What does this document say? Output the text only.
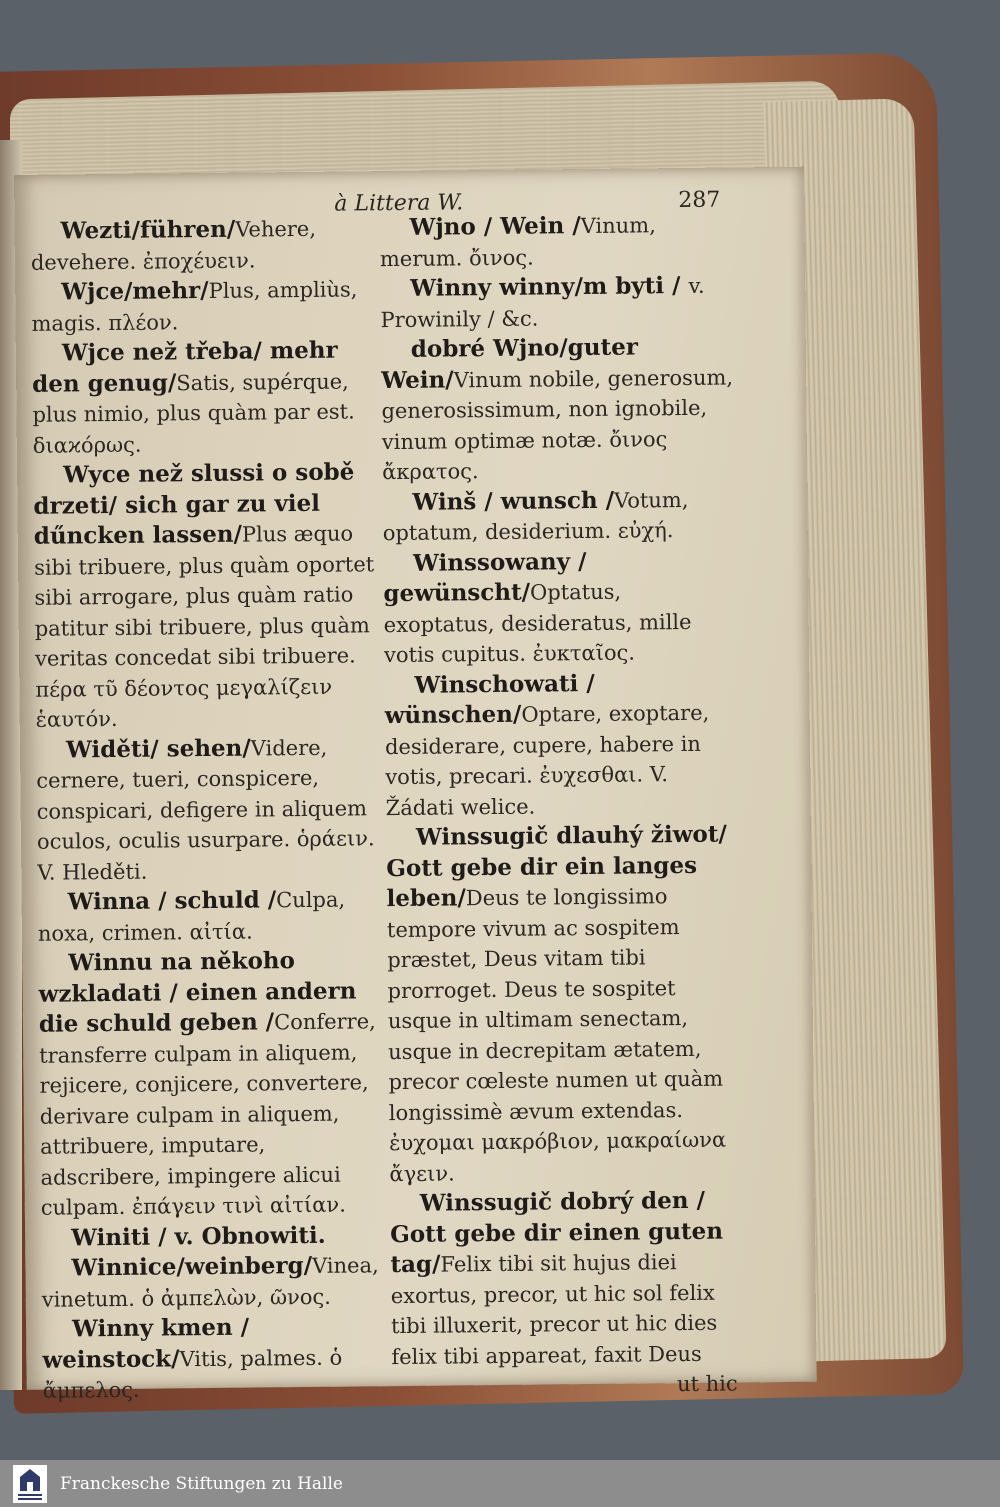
à Littera W.	287

Wezti/führen/Vehere, devehere. ἐποχέυειν.

Wjce/mehr/Plus, ampliùs, magis. πλέον.

Wjce než třeba/ mehr den genug/Satis, supérque, plus nimio, plus quàm par est. διαϰόρως.

Wyce než slussi o sobě drzeti/ sich gar zu viel dűncken lassen/Plus æquo sibi tribuere, plus quàm oportet sibi arrogare, plus quàm ratio patitur sibi tribuere, plus quàm veritas concedat sibi tribuere. πέρα τῦ δέοντος μεγαλίζειν ἑαυτόν.

Widěti/ sehen/Videre, cernere, tueri, conspicere, conspicari, defigere in aliquem oculos, oculis usurpare. ὁράειν. V. Hleděti.

Winna / schuld /Culpa, noxa, crimen. αἰτία.

Winnu na někoho wzkladati / einen andern die schuld geben /Conferre, transferre culpam in aliquem, rejicere, conjicere, convertere, derivare culpam in aliquem, attribuere, imputare, adscribere, impingere alicui culpam. ἐπάγειν τινὶ αἰτίαν.

Winiti / v. Obnowiti.

Winnice/weinberg/Vinea, vinetum. ὁ ἀμπελὼν, ῶνος.

Winny kmen / weinstock/Vitis, palmes. ὁ ἄμπελος.

Wjno / Wein /Vinum, merum. ὄινος.

Winny winny/m byti / v. Prowinily / &c.

dobré Wjno/guter Wein/Vinum nobile, generosum, generosissimum, non ignobile, vinum optimæ notæ. ὄινος ἄκρατος.

Winš / wunsch /Votum, optatum, desiderium. εὐχή.

Winssowany / gewünscht/Optatus, exoptatus, desideratus, mille votis cupitus. ἐυκταῖος.

Winschowati / wünschen/Optare, exoptare, desiderare, cupere, habere in votis, precari. ἐυχεσθαι. V. Žádati welice.

Winssugič dlauhý žiwot/ Gott gebe dir ein langes leben/Deus te longissimo tempore vivum ac sospitem præstet, Deus vitam tibi prorroget. Deus te sospitet usque in ultimam senectam, usque in decrepitam ætatem, precor cœleste numen ut quàm longissimè ævum extendas. ἐυχομαι μακρόβιον, μακραίωνα ἄγειν.

Winssugič dobrý den / Gott gebe dir einen guten tag/Felix tibi sit hujus diei exortus, precor, ut hic sol felix tibi illuxerit, precor ut hic dies felix tibi appareat, faxit Deus

ut hic

Franckesche Stiftungen zu Halle
